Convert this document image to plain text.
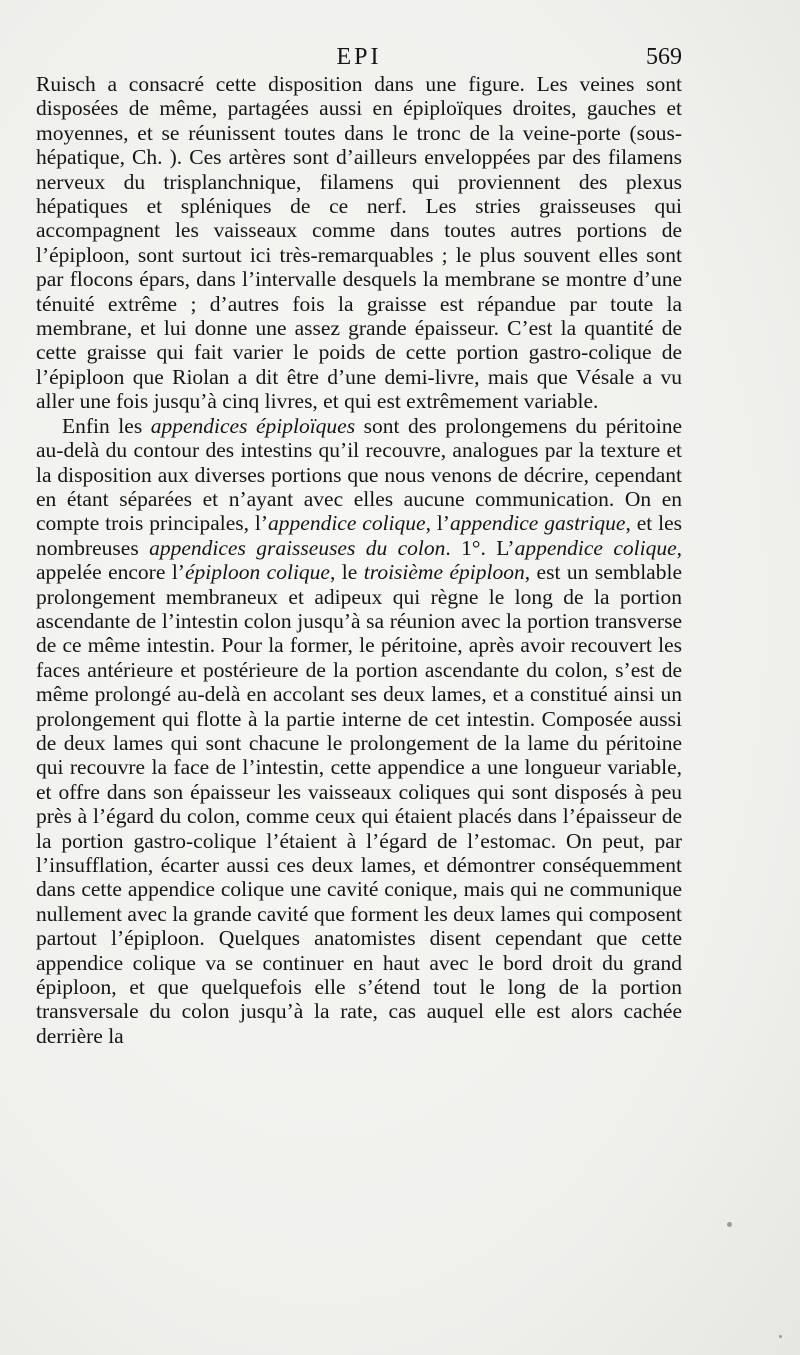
EPI	569

Ruisch a consacré cette disposition dans une figure. Les veines sont disposées de même, partagées aussi en épiploïques droites, gauches et moyennes, et se réunissent toutes dans le tronc de la veine-porte (sous-hépatique, Ch. ). Ces artères sont d’ailleurs enveloppées par des filamens nerveux du trisplanchnique, filamens qui proviennent des plexus hépatiques et spléniques de ce nerf. Les stries graisseuses qui accompagnent les vaisseaux comme dans toutes autres portions de l’épiploon, sont surtout ici très-remarquables ; le plus souvent elles sont par flocons épars, dans l’intervalle desquels la membrane se montre d’une ténuité extrême ; d’autres fois la graisse est répandue par toute la membrane, et lui donne une assez grande épaisseur. C’est la quantité de cette graisse qui fait varier le poids de cette portion gastro-colique de l’épiploon que Riolan a dit être d’une demi-livre, mais que Vésale a vu aller une fois jusqu’à cinq livres, et qui est extrêmement variable.

Enfin les appendices épiploïques sont des prolongemens du péritoine au-delà du contour des intestins qu’il recouvre, analogues par la texture et la disposition aux diverses portions que nous venons de décrire, cependant en étant séparées et n’ayant avec elles aucune communication. On en compte trois principales, l’appendice colique, l’appendice gastrique, et les nombreuses appendices graisseuses du colon. 1°. L’appendice colique, appelée encore l’épiploon colique, le troisième épiploon, est un semblable prolongement membraneux et adipeux qui règne le long de la portion ascendante de l’intestin colon jusqu’à sa réunion avec la portion transverse de ce même intestin. Pour la former, le péritoine, après avoir recouvert les faces antérieure et postérieure de la portion ascendante du colon, s’est de même prolongé au-delà en accolant ses deux lames, et a constitué ainsi un prolongement qui flotte à la partie interne de cet intestin. Composée aussi de deux lames qui sont chacune le prolongement de la lame du péritoine qui recouvre la face de l’intestin, cette appendice a une longueur variable, et offre dans son épaisseur les vaisseaux coliques qui sont disposés à peu près à l’égard du colon, comme ceux qui étaient placés dans l’épaisseur de la portion gastro-colique l’étaient à l’égard de l’estomac. On peut, par l’insufflation, écarter aussi ces deux lames, et démontrer conséquemment dans cette appendice colique une cavité conique, mais qui ne communique nullement avec la grande cavité que forment les deux lames qui composent partout l’épiploon. Quelques anatomistes disent cependant que cette appendice colique va se continuer en haut avec le bord droit du grand épiploon, et que quelquefois elle s’étend tout le long de la portion transversale du colon jusqu’à la rate, cas auquel elle est alors cachée derrière la
